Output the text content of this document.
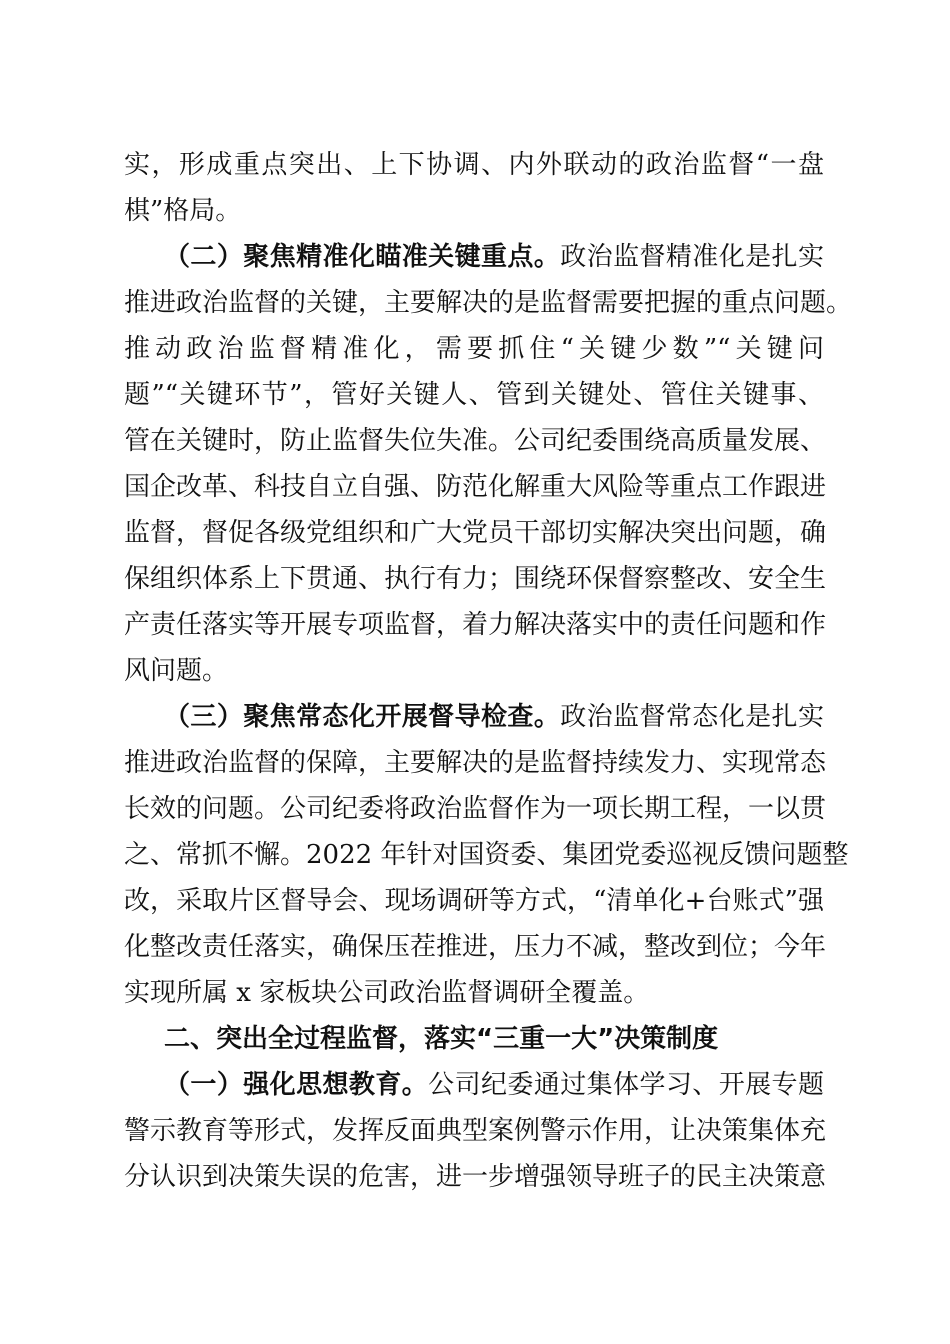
实，形成重点突出、上下协调、内外联动的政治监督“一盘
棋”格局。
（二）聚焦精准化瞄准关键重点。政治监督精准化是扎实
推进政治监督的关键，主要解决的是监督需要把握的重点问题。
推动政治监督精准化，需要抓住“关键少数”“关键问
题”“关键环节”，管好关键人、管到关键处、管住关键事、
管在关键时，防止监督失位失准。公司纪委围绕高质量发展、
国企改革、科技自立自强、防范化解重大风险等重点工作跟进
监督，督促各级党组织和广大党员干部切实解决突出问题，确
保组织体系上下贯通、执行有力；围绕环保督察整改、安全生
产责任落实等开展专项监督，着力解决落实中的责任问题和作
风问题。
（三）聚焦常态化开展督导检查。政治监督常态化是扎实
推进政治监督的保障，主要解决的是监督持续发力、实现常态
长效的问题。公司纪委将政治监督作为一项长期工程，一以贯
之、常抓不懈。2022 年针对国资委、集团党委巡视反馈问题整
改，采取片区督导会、现场调研等方式，“清单化+台账式”强
化整改责任落实，确保压茬推进，压力不减，整改到位；今年
实现所属 x 家板块公司政治监督调研全覆盖。
二、突出全过程监督，落实“三重一大”决策制度
（一）强化思想教育。公司纪委通过集体学习、开展专题
警示教育等形式，发挥反面典型案例警示作用，让决策集体充
分认识到决策失误的危害，进一步增强领导班子的民主决策意
